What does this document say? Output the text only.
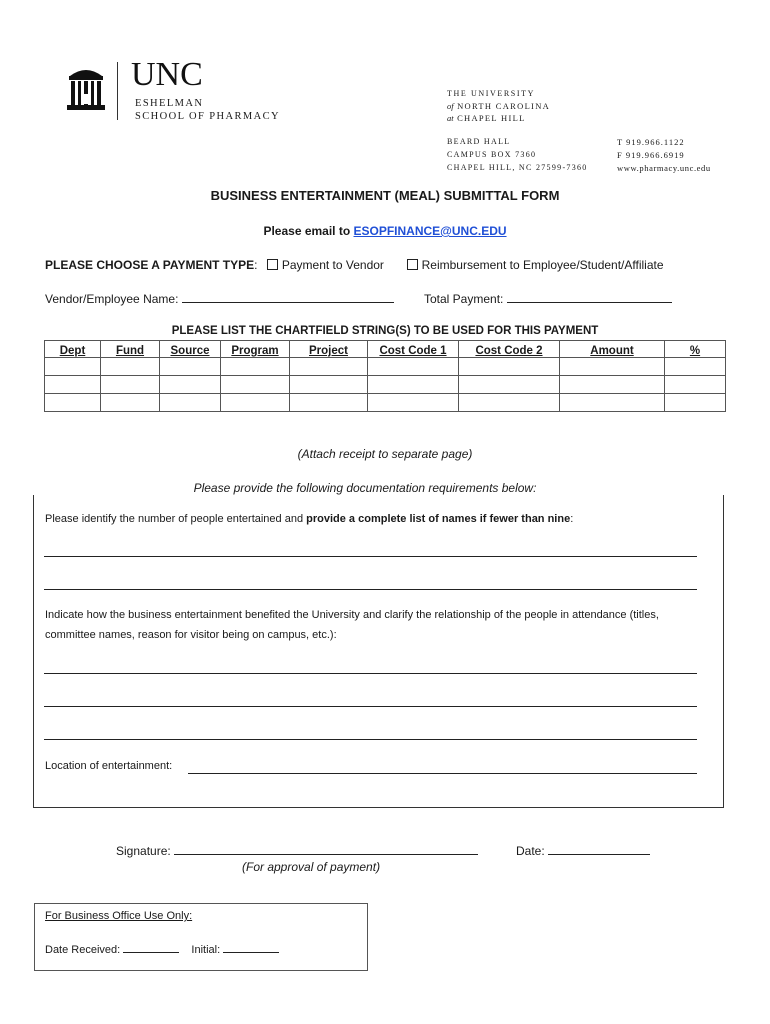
UNC
ESHELMAN
SCHOOL OF PHARMACY
THE UNIVERSITY
of NORTH CAROLINA
at CHAPEL HILL
BEARD HALL
CAMPUS BOX 7360
CHAPEL HILL, NC 27599-7360
T 919.966.1122
F 919.966.6919
www.pharmacy.unc.edu
BUSINESS ENTERTAINMENT (MEAL) SUBMITTAL FORM
Please email to ESOPFINANCE@UNC.EDU
PLEASE CHOOSE A PAYMENT TYPE: Payment to Vendor	Reimbursement to Employee/Student/Affiliate
Vendor/Employee Name:	Total Payment:
PLEASE LIST THE CHARTFIELD STRING(S) TO BE USED FOR THIS PAYMENT
Dept	Fund	Source	Program	Project	Cost Code 1	Cost Code 2	Amount	%

(Attach receipt to separate page)
Please provide the following documentation requirements below:
Please identify the number of people entertained and provide a complete list of names if fewer than nine:
Indicate how the business entertainment benefited the University and clarify the relationship of the people in attendance (titles,
committee names, reason for visitor being on campus, etc.):
Location of entertainment:
Signature:	Date:
(For approval of payment)
For Business Office Use Only:
Date Received:	Initial:
